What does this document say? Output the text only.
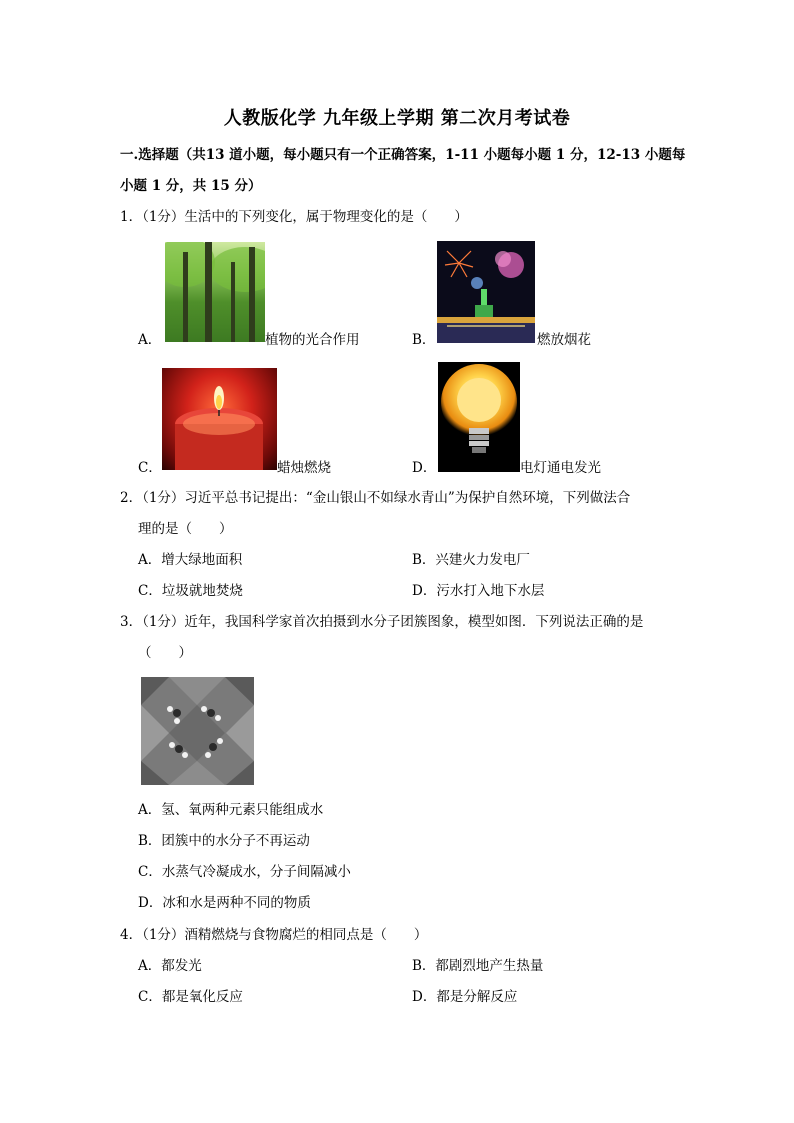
人教版化学 九年级上学期 第二次月考试卷
一.选择题（共13 道小题，每小题只有一个正确答案，1-11 小题每小题 1 分，12-13 小题每
小题 1 分，共 15 分）
1．（1分）生活中的下列变化，属于物理变化的是（　　）
A．	植物的光合作用	B．	燃放烟花
C．	蜡烛燃烧	D．	电灯通电发光
2．（1分）习近平总书记提出：“金山银山不如绿水青山”为保护自然环境，下列做法合
理的是（　　）
A．增大绿地面积	B．兴建火力发电厂
C．垃圾就地焚烧	D．污水打入地下水层
3．（1分）近年，我国科学家首次拍摄到水分子团簇图象，模型如图．下列说法正确的是
（　　）
A．氢、氧两种元素只能组成水
B．团簇中的水分子不再运动
C．水蒸气冷凝成水，分子间隔减小
D．冰和水是两种不同的物质
4．（1分）酒精燃烧与食物腐烂的相同点是（　　）
A．都发光	B．都剧烈地产生热量
C．都是氧化反应	D．都是分解反应
